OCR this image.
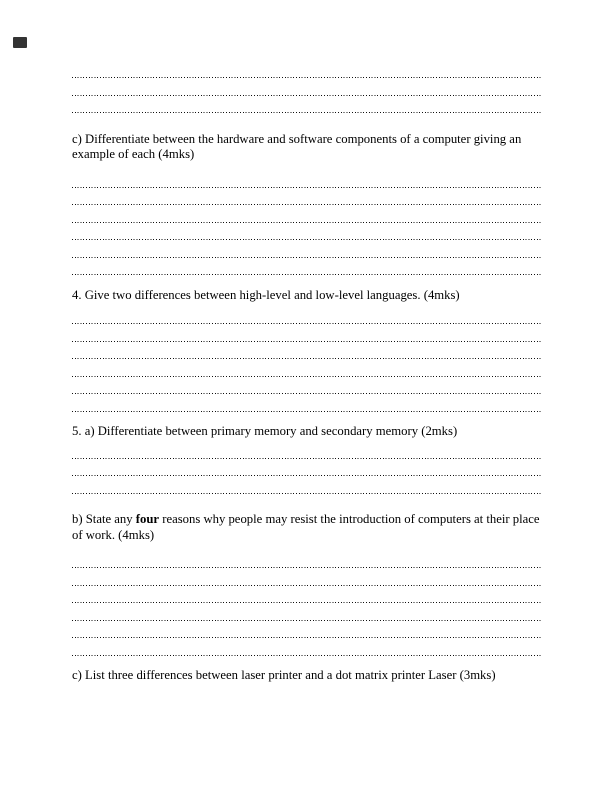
c) Differentiate between the hardware and software components of a computer giving an example of each (4mks)

4. Give two differences between high-level and low-level languages. (4mks)

5. a) Differentiate between primary memory and secondary memory (2mks)

b) State any four reasons why people may resist the introduction of computers at their place of work. (4mks)

c) List three differences between laser printer and a dot matrix printer Laser (3mks)
